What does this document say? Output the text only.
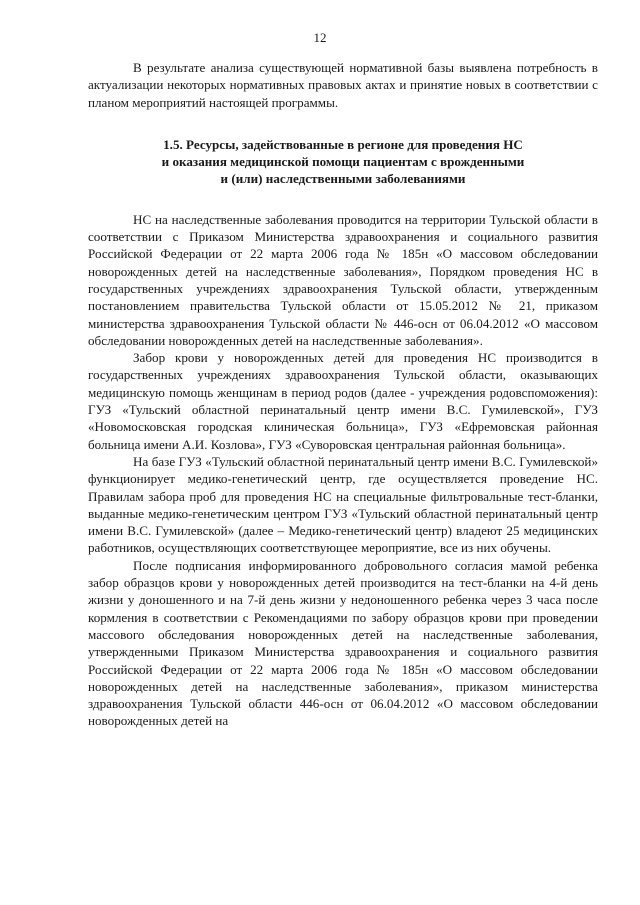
12

В результате анализа существующей нормативной базы выявлена потребность в актуализации некоторых нормативных правовых актах и принятие новых в соответствии с планом мероприятий настоящей программы.

1.5. Ресурсы, задействованные в регионе для проведения НС
и оказания медицинской помощи пациентам с врожденными
и (или) наследственными заболеваниями

НС на наследственные заболевания проводится на территории Тульской области в соответствии с Приказом Министерства здравоохранения и социального развития Российской Федерации от 22 марта 2006 года № 185н «О массовом обследовании новорожденных детей на наследственные заболевания», Порядком проведения НС в государственных учреждениях здравоохранения Тульской области, утвержденным постановлением правительства Тульской области от 15.05.2012 № 21, приказом министерства здравоохранения Тульской области № 446-осн от 06.04.2012 «О массовом обследовании новорожденных детей на наследственные заболевания».

Забор крови у новорожденных детей для проведения НС производится в государственных учреждениях здравоохранения Тульской области, оказывающих медицинскую помощь женщинам в период родов (далее - учреждения родовспоможения): ГУЗ «Тульский областной перинатальный центр имени В.С. Гумилевской», ГУЗ «Новомосковская городская клиническая больница», ГУЗ «Ефремовская районная больница имени А.И. Козлова», ГУЗ «Суворовская центральная районная больница».

На базе ГУЗ «Тульский областной перинатальный центр имени В.С. Гумилевской» функционирует медико-генетический центр, где осуществляется проведение НС. Правилам забора проб для проведения НС на специальные фильтровальные тест-бланки, выданные медико-генетическим центром ГУЗ «Тульский областной перинатальный центр имени В.С. Гумилевской» (далее – Медико-генетический центр) владеют 25 медицинских работников, осуществляющих соответствующее мероприятие, все из них обучены.

После подписания информированного добровольного согласия мамой ребенка забор образцов крови у новорожденных детей производится на тест-бланки на 4-й день жизни у доношенного и на 7-й день жизни у недоношенного ребенка через 3 часа после кормления в соответствии с Рекомендациями по забору образцов крови при проведении массового обследования новорожденных детей на наследственные заболевания, утвержденными Приказом Министерства здравоохранения и социального развития Российской Федерации от 22 марта 2006 года № 185н «О массовом обследовании новорожденных детей на наследственные заболевания», приказом министерства здравоохранения Тульской области 446-осн от 06.04.2012 «О массовом обследовании новорожденных детей на
